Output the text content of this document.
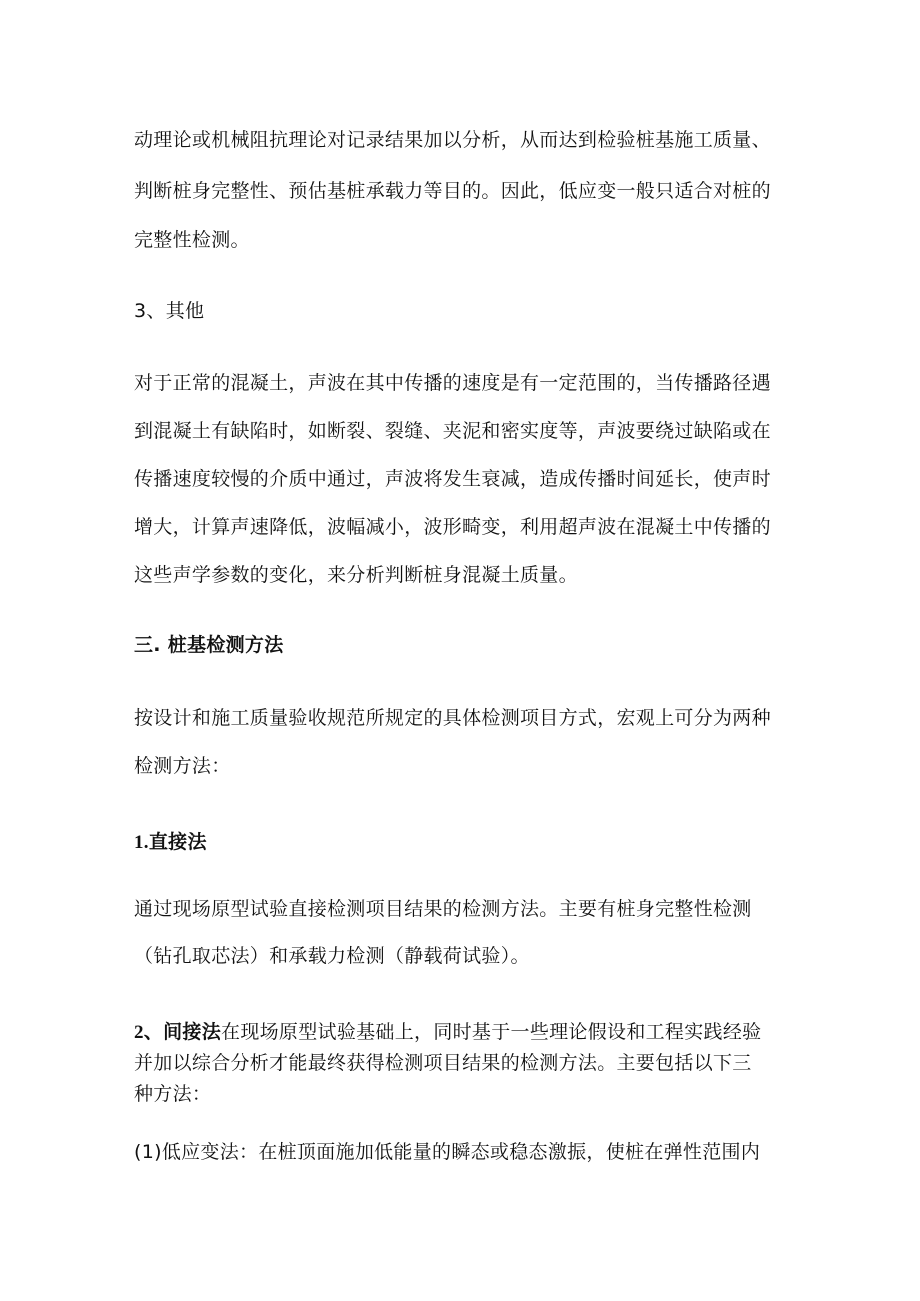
动理论或机械阻抗理论对记录结果加以分析，从而达到检验桩基施工质量、
判断桩身完整性、预估基桩承载力等目的。因此，低应变一般只适合对桩的
完整性检测。
3、其他
对于正常的混凝土，声波在其中传播的速度是有一定范围的，当传播路径遇
到混凝土有缺陷时，如断裂、裂缝、夹泥和密实度等，声波要绕过缺陷或在
传播速度较慢的介质中通过，声波将发生衰减，造成传播时间延长，使声时
增大，计算声速降低，波幅减小，波形畸变，利用超声波在混凝土中传播的
这些声学参数的变化，来分析判断桩身混凝土质量。
三. 桩基检测方法
按设计和施工质量验收规范所规定的具体检测项目方式，宏观上可分为两种
检测方法：
1.直接法
通过现场原型试验直接检测项目结果的检测方法。主要有桩身完整性检测
（钻孔取芯法）和承载力检测（静载荷试验）。
2、间接法在现场原型试验基础上，同时基于一些理论假设和工程实践经验
并加以综合分析才能最终获得检测项目结果的检测方法。主要包括以下三
种方法：
(1)低应变法：在桩顶面施加低能量的瞬态或稳态激振，使桩在弹性范围内
